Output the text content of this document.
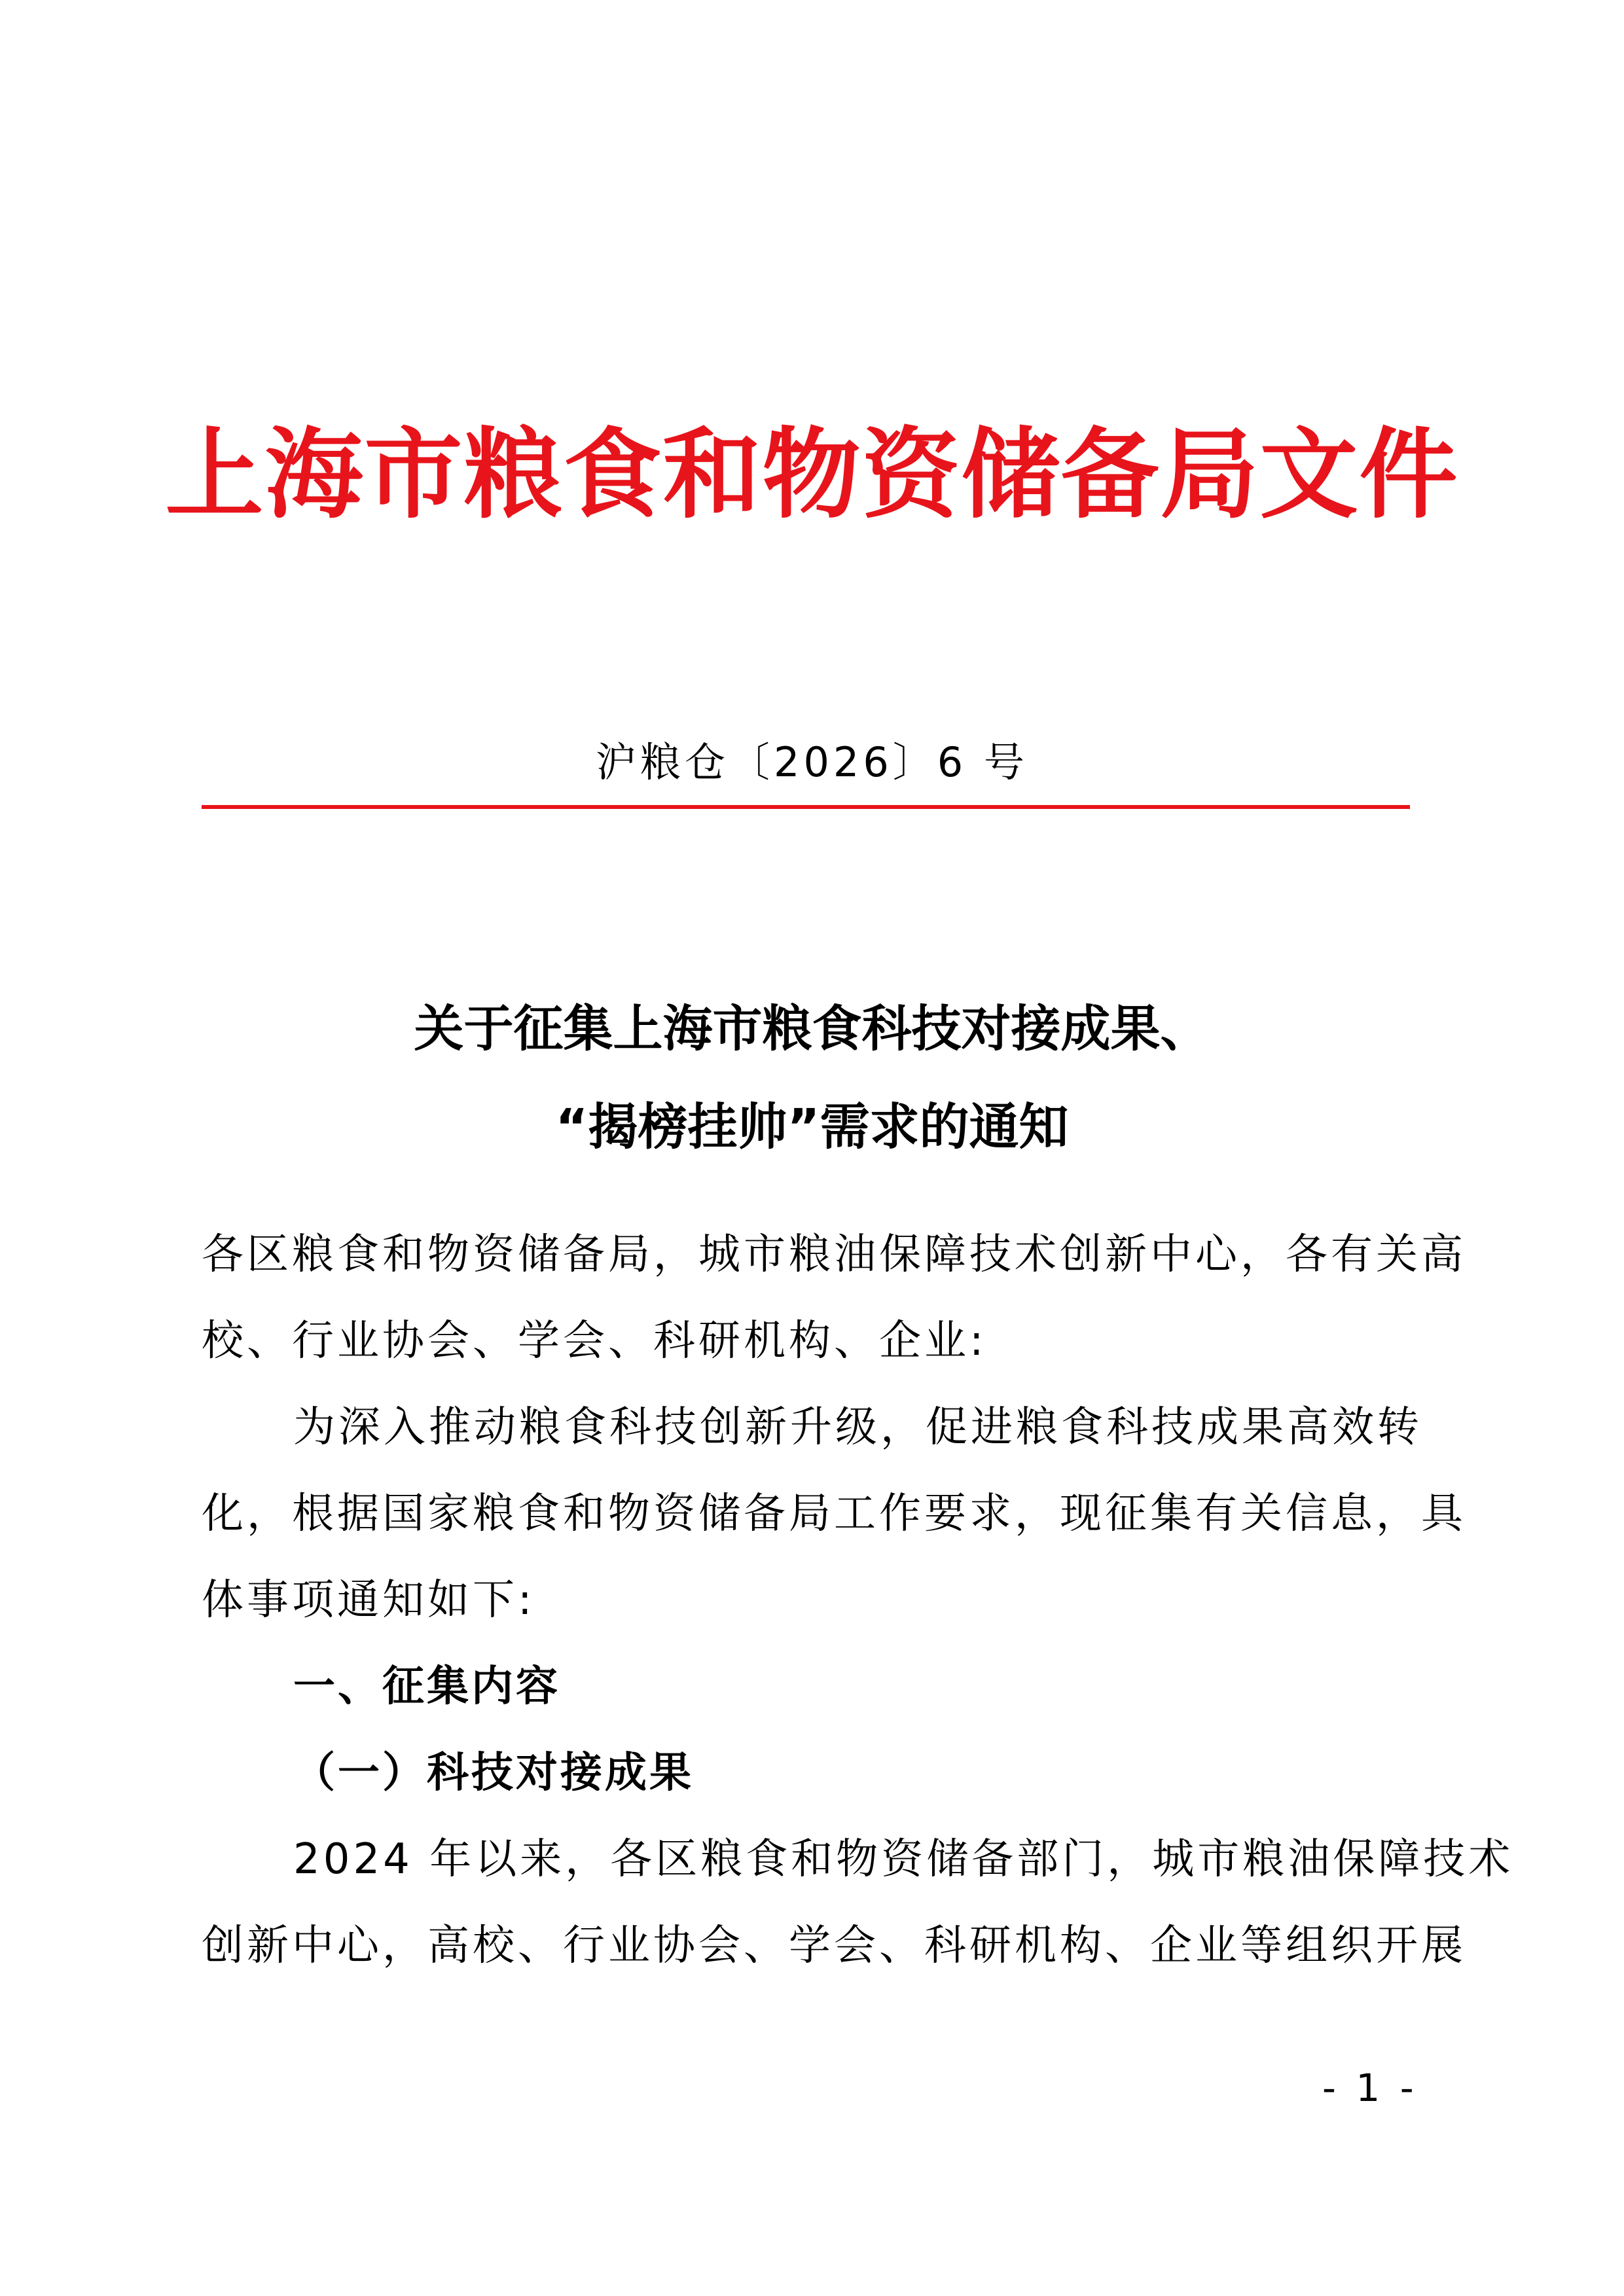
上海市粮食和物资储备局文件
沪粮仓〔2026〕6 号
关于征集上海市粮食科技对接成果、
“揭榜挂帅”需求的通知
各区粮食和物资储备局，城市粮油保障技术创新中心，各有关高
校、行业协会、学会、科研机构、企业:
为深入推动粮食科技创新升级，促进粮食科技成果高效转
化，根据国家粮食和物资储备局工作要求，现征集有关信息，具
体事项通知如下:
一、征集内容
（一）科技对接成果
2024 年以来，各区粮食和物资储备部门，城市粮油保障技术
创新中心，高校、行业协会、学会、科研机构、企业等组织开展
- 1 -
